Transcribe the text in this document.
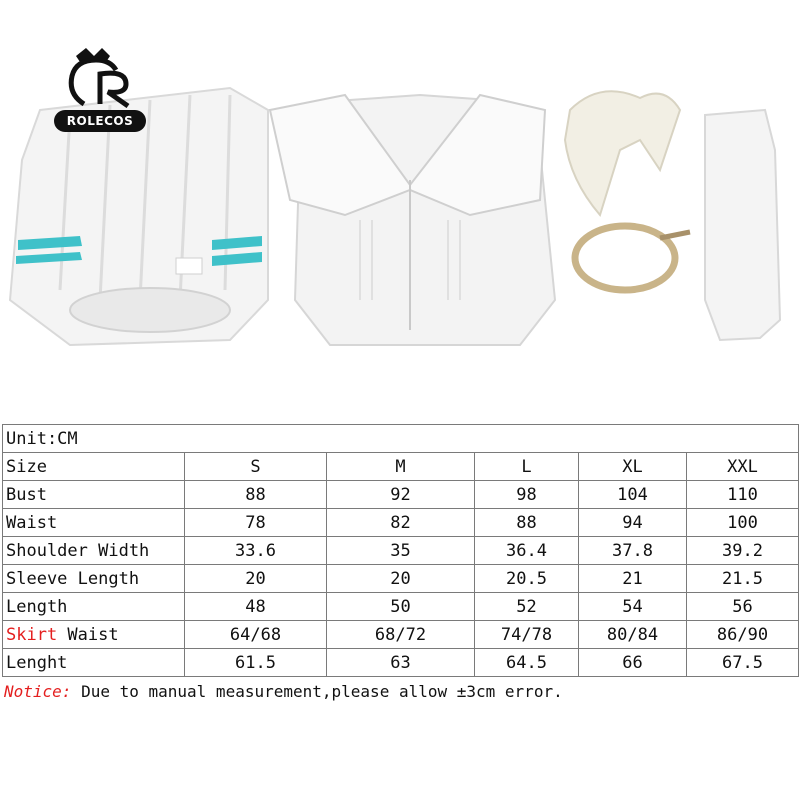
ROLECOS
Unit:CM					
Size	S	M	L	XL	XXL
Bust	88	92	98	104	110
Waist	78	82	88	94	100
Shoulder Width	33.6	35	36.4	37.8	39.2
Sleeve Length	20	20	20.5	21	21.5
Length	48	50	52	54	56
Skirt Waist	64/68	68/72	74/78	80/84	86/90
Lenght	61.5	63	64.5	66	67.5
Notice: Due to manual measurement,please allow ±3cm error.
